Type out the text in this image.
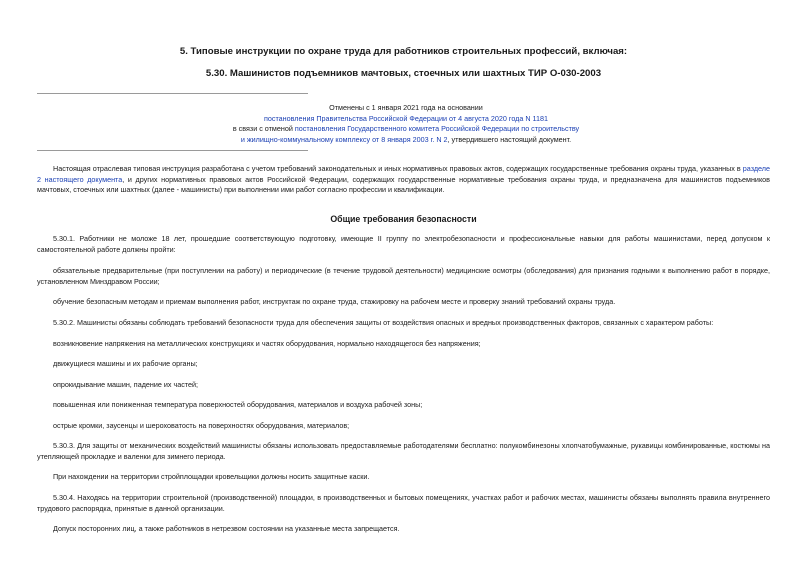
5. Типовые инструкции по охране труда для работников строительных профессий, включая:
5.30. Машинистов подъемников мачтовых, стоечных или шахтных ТИР О-030-2003
Отменены с 1 января 2021 года на основании
постановления Правительства Российской Федерации от 4 августа 2020 года N 1181
в связи с отменой постановления Государственного комитета Российской Федерации по строительству
и жилищно-коммунальному комплексу от 8 января 2003 г. N 2, утвердившего настоящий документ.
Настоящая отраслевая типовая инструкция разработана с учетом требований законодательных и иных нормативных правовых актов, содержащих государственные требования охраны труда, указанных в разделе 2 настоящего документа, и других нормативных правовых актов Российской Федерации, содержащих государственные нормативные требования охраны труда, и предназначена для машинистов подъемников мачтовых, стоечных или шахтных (далее - машинисты) при выполнении ими работ согласно профессии и квалификации.
Общие требования безопасности
5.30.1. Работники не моложе 18 лет, прошедшие соответствующую подготовку, имеющие II группу по электробезопасности и профессиональные навыки для работы машинистами, перед допуском к самостоятельной работе должны пройти:
обязательные предварительные (при поступлении на работу) и периодические (в течение трудовой деятельности) медицинские осмотры (обследования) для признания годными к выполнению работ в порядке, установленном Минздравом России;
обучение безопасным методам и приемам выполнения работ, инструктаж по охране труда, стажировку на рабочем месте и проверку знаний требований охраны труда.
5.30.2. Машинисты обязаны соблюдать требований безопасности труда для обеспечения защиты от воздействия опасных и вредных производственных факторов, связанных с характером работы:
возникновение напряжения на металлических конструкциях и частях оборудования, нормально находящегося без напряжения;
движущиеся машины и их рабочие органы;
опрокидывание машин, падение их частей;
повышенная или пониженная температура поверхностей оборудования, материалов и воздуха рабочей зоны;
острые кромки, заусенцы и шероховатость на поверхностях оборудования, материалов;
5.30.3. Для защиты от механических воздействий машинисты обязаны использовать предоставляемые работодателями бесплатно: полукомбинезоны хлопчатобумажные, рукавицы комбинированные, костюмы на утепляющей прокладке и валенки для зимнего периода.
При нахождении на территории стройплощадки кровельщики должны носить защитные каски.
5.30.4. Находясь на территории строительной (производственной) площадки, в производственных и бытовых помещениях, участках работ и рабочих местах, машинисты обязаны выполнять правила внутреннего трудового распорядка, принятые в данной организации.
Допуск посторонних лиц, а также работников в нетрезвом состоянии на указанные места запрещается.
